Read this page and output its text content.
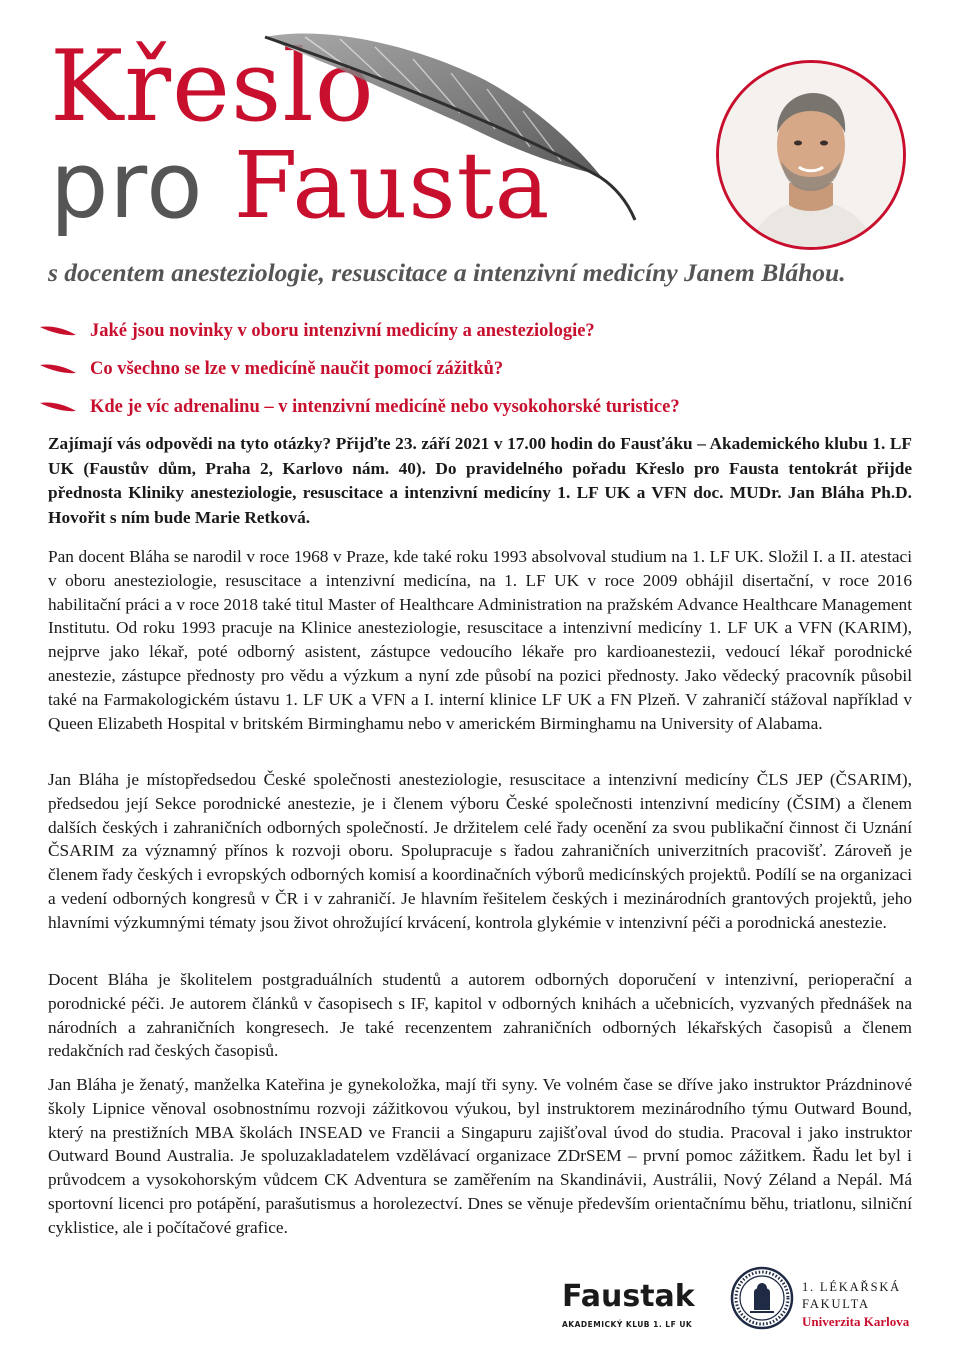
Křeslo
pro Fausta
s docentem anesteziologie, resuscitace a intenzivní medicíny Janem Bláhou.
Jaké jsou novinky v oboru intenzivní medicíny a anesteziologie?
Co všechno se lze v medicíně naučit pomocí zážitků?
Kde je víc adrenalinu – v intenzivní medicíně nebo vysokohorské turistice?

Zajímají vás odpovědi na tyto otázky? Přijďte 23. září 2021 v 17.00 hodin do Fausťáku – Akademického klubu 1. LF UK (Faustův dům, Praha 2, Karlovo nám. 40). Do pravidelného pořadu Křeslo pro Fausta tentokrát přijde přednosta Kliniky anesteziologie, resuscitace a intenzivní medicíny 1. LF UK a VFN doc. MUDr. Jan Bláha Ph.D. Hovořit s ním bude Marie Retková.

Pan docent Bláha se narodil v roce 1968 v Praze, kde také roku 1993 absolvoval studium na 1. LF UK. Složil I. a II. atestaci v oboru anesteziologie, resuscitace a intenzivní medicína, na 1. LF UK v roce 2009 obhájil disertační, v roce 2016 habilitační práci a v roce 2018 také titul Master of Healthcare Administration na pražském Advance Healthcare Management Institutu. Od roku 1993 pracuje na Klinice anesteziologie, resuscitace a intenzivní medicíny 1. LF UK a VFN (KARIM), nejprve jako lékař, poté odborný asistent, zástupce vedoucího lékaře pro kardioanestezii, vedoucí lékař porodnické anestezie, zástupce přednosty pro vědu a výzkum a nyní zde působí na pozici přednosty. Jako vědecký pracovník působil také na Farmakologickém ústavu 1. LF UK a VFN a I. interní klinice LF UK a FN Plzeň. V zahraničí stážoval například v Queen Elizabeth Hospital v britském Birminghamu nebo v americkém Birminghamu na University of Alabama.

Jan Bláha je místopředsedou České společnosti anesteziologie, resuscitace a intenzivní medicíny ČLS JEP (ČSARIM), předsedou její Sekce porodnické anestezie, je i členem výboru České společnosti intenzivní medicíny (ČSIM) a členem dalších českých i zahraničních odborných společností. Je držitelem celé řady ocenění za svou publikační činnost či Uznání ČSARIM za významný přínos k rozvoji oboru. Spolupracuje s řadou zahraničních univerzitních pracovišť. Zároveň je členem řady českých i evropských odborných komisí a koordinačních výborů medicínských projektů. Podílí se na organizaci a vedení odborných kongresů v ČR i v zahraničí. Je hlavním řešitelem českých i mezinárodních grantových projektů, jeho hlavními výzkumnými tématy jsou život ohrožující krvácení, kontrola glykémie v intenzivní péči a porodnická anestezie.

Docent Bláha je školitelem postgraduálních studentů a autorem odborných doporučení v intenzivní, perioperační a porodnické péči. Je autorem článků v časopisech s IF, kapitol v odborných knihách a učebnicích, vyzvaných přednášek na národních a zahraničních kongresech. Je také recenzentem zahraničních odborných lékařských časopisů a členem redakčních rad českých časopisů.

Jan Bláha je ženatý, manželka Kateřina je gynekoložka, mají tři syny. Ve volném čase se dříve jako instruktor Prázdninové školy Lipnice věnoval osobnostnímu rozvoji zážitkovou výukou, byl instruktorem mezinárodního týmu Outward Bound, který na prestižních MBA školách INSEAD ve Francii a Singapuru zajišťoval úvod do studia. Pracoval i jako instruktor Outward Bound Australia. Je spoluzakladatelem vzdělávací organizace ZDrSEM – první pomoc zážitkem. Řadu let byl i průvodcem a vysokohorským vůdcem CK Adventura se zaměřením na Skandinávii, Austrálii, Nový Zéland a Nepál. Má sportovní licenci pro potápění, parašutismus a horolezectví. Dnes se věnuje především orientačnímu běhu, triatlonu, silniční cyklistice, ale i počítačové grafice.

Faustak
AKADEMICKÝ KLUB 1. LF UK
1. LÉKAŘSKÁ
FAKULTA
Univerzita Karlova
